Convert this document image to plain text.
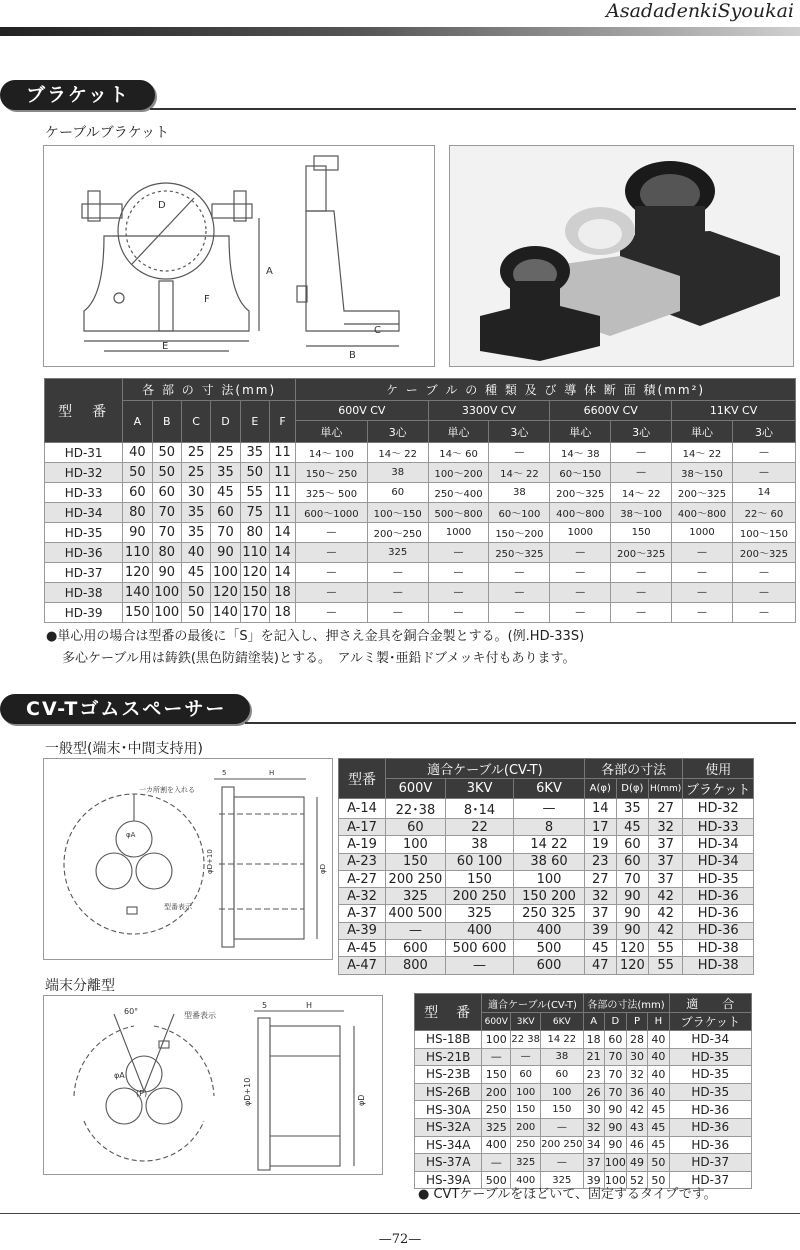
AsadadenkiSyoukai
ブラケット
ケーブルブラケット
D
A
F
E
C
B
型　番	各 部 の 寸 法(mm)						ケ ー ブ ル の 種 類 及 び 導 体 断 面 積(mm²)							
	A	B	C	D	E	F	600V CV		3300V CV		6600V CV		11KV CV	
							単心	3心	単心	3心	単心	3心	単心	3心
HD-31	40	50	25	25	35	11	14～ 100	14～ 22	14～ 60	—	14～ 38	—	14～ 22	—
HD-32	50	50	25	35	50	11	150～ 250	38	100～200	14～ 22	60～150	—	38～150	—
HD-33	60	60	30	45	55	11	325～ 500	60	250～400	38	200～325	14～ 22	200～325	14
HD-34	80	70	35	60	75	11	600～1000	100～150	500～800	60～100	400～800	38～100	400～800	22～ 60
HD-35	90	70	35	70	80	14	—	200～250	1000	150～200	1000	150	1000	100～150
HD-36	110	80	40	90	110	14	—	325	—	250～325	—	200～325	—	200～325
HD-37	120	90	45	100	120	14	—	—	—	—	—	—	—	—
HD-38	140	100	50	120	150	18	—	—	—	—	—	—	—	—
HD-39	150	100	50	140	170	18	—	—	—	—	—	—	—	—
●単心用の場合は型番の最後に「S」を記入し、押さえ金具を銅合金製とする。(例.HD-33S)
多心ケーブル用は鋳鉄(黒色防錆塗装)とする。　アルミ製･亜鉛ドブメッキ付もあります。
CV-Tゴムスペーサー
一般型(端末･中間支持用)
一カ所割を入れる
φA
型番表示
5	H
φD+10	φD
型番	適合ケーブル(CV-T)			各部の寸法			使用
	600V	3KV	6KV	A(φ)	D(φ)	H(mm)	ブラケット
A-14	22･38	8･14	—	14	35	27	HD-32
A-17	60	22	8	17	45	32	HD-33
A-19	100	38	14 22	19	60	37	HD-34
A-23	150	60 100	38 60	23	60	37	HD-34
A-27	200 250	150	100	27	70	37	HD-35
A-32	325	200 250	150 200	32	90	42	HD-36
A-37	400 500	325	250 325	37	90	42	HD-36
A-39	—	400	400	39	90	42	HD-36
A-45	600	500 600	500	45	120	55	HD-38
A-47	800	—	600	47	120	55	HD-38
端末分離型
60°	型番表示
φA
(P)
5	H
φD+10	φD
型　番	適合ケーブル(CV-T)			各部の寸法(mm)				適　　合
	600V	3KV	6KV	A	D	P	H	ブラケット
HS-18B	100	22 38	14 22	18	60	28	40	HD-34
HS-21B	—	—	38	21	70	30	40	HD-35
HS-23B	150	60	60	23	70	32	40	HD-35
HS-26B	200	100	100	26	70	36	40	HD-35
HS-30A	250	150	150	30	90	42	45	HD-36
HS-32A	325	200	—	32	90	43	45	HD-36
HS-34A	400	250	200 250	34	90	46	45	HD-36
HS-37A	—	325	—	37	100	49	50	HD-37
HS-39A	500	400	325	39	100	52	50	HD-37
● CVTケーブルをほどいて、固定するタイプです。
—72—
